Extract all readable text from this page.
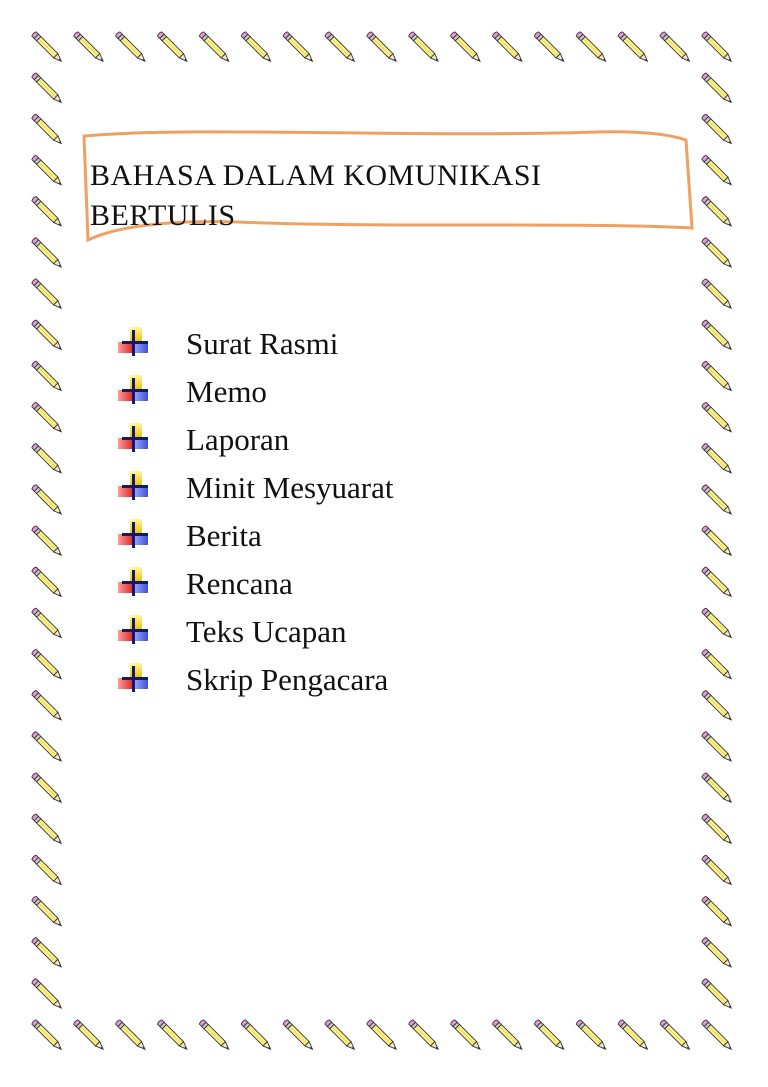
BAHASA DALAM KOMUNIKASI
BERTULIS
Surat Rasmi
Memo
Laporan
Minit Mesyuarat
Berita
Rencana
Teks Ucapan
Skrip Pengacara
